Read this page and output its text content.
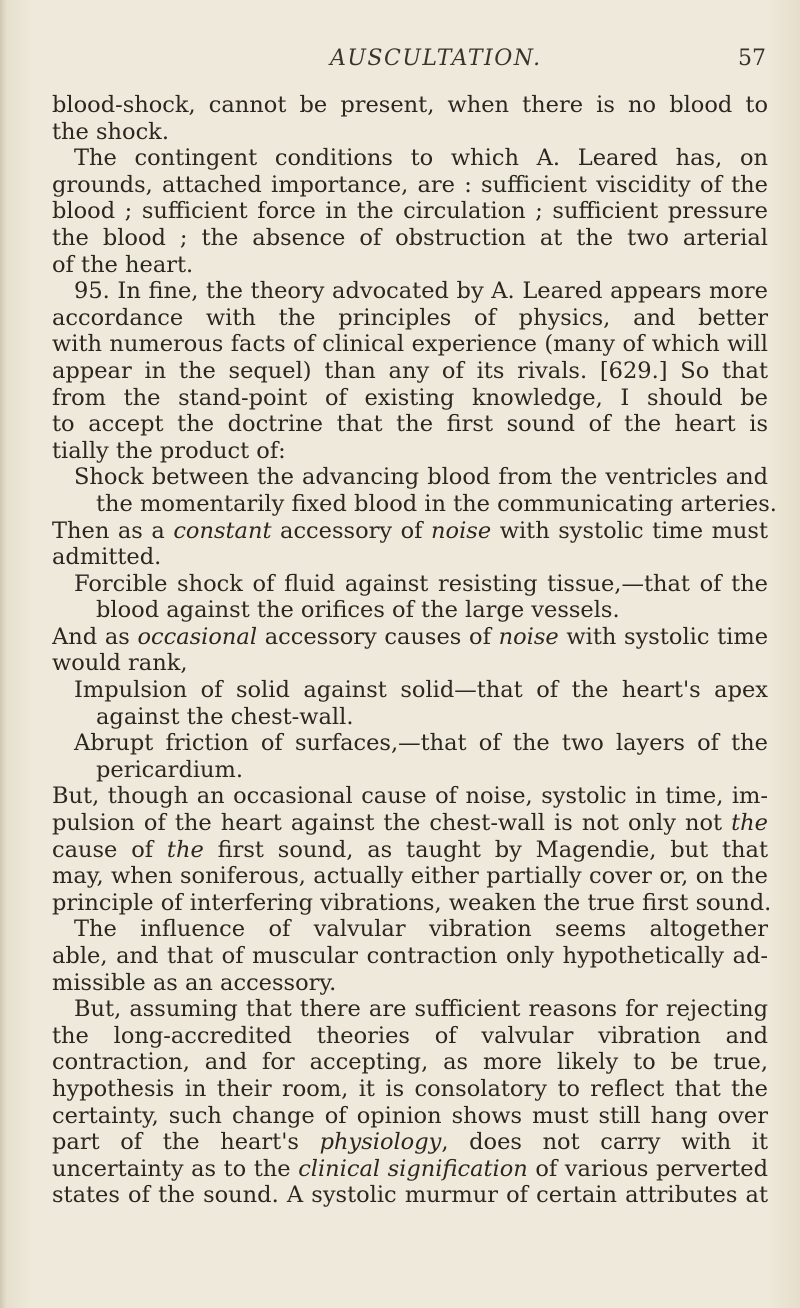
AUSCULTATION.	57
blood-shock, cannot be present, when there is no blood to
the shock.
The contingent conditions to which A. Leared has, on
grounds, attached importance, are : sufficient viscidity of the
blood ; sufficient force in the circulation ; sufficient pressure
the blood ; the absence of obstruction at the two arterial
of the heart.
95. In fine, the theory advocated by A. Leared appears more
accordance with the principles of physics, and better
with numerous facts of clinical experience (many of which will
appear in the sequel) than any of its rivals. [629.] So that
from the stand-point of existing knowledge, I should be
to accept the doctrine that the first sound of the heart is
tially the product of:
Shock between the advancing blood from the ventricles and
the momentarily fixed blood in the communicating arteries.
Then as a constant accessory of noise with systolic time must
admitted.
Forcible shock of fluid against resisting tissue,—that of the
blood against the orifices of the large vessels.
And as occasional accessory causes of noise with systolic time
would rank,
Impulsion of solid against solid—that of the heart's apex
against the chest-wall.
Abrupt friction of surfaces,—that of the two layers of the
pericardium.
But, though an occasional cause of noise, systolic in time, im-
pulsion of the heart against the chest-wall is not only not the
cause of the first sound, as taught by Magendie, but that
may, when soniferous, actually either partially cover or, on the
principle of interfering vibrations, weaken the true first sound.
The influence of valvular vibration seems altogether
able, and that of muscular contraction only hypothetically ad-
missible as an accessory.
But, assuming that there are sufficient reasons for rejecting
the long-accredited theories of valvular vibration and
contraction, and for accepting, as more likely to be true,
hypothesis in their room, it is consolatory to reflect that the
certainty, such change of opinion shows must still hang over
part of the heart's physiology, does not carry with it
uncertainty as to the clinical signification of various perverted
states of the sound. A systolic murmur of certain attributes at
